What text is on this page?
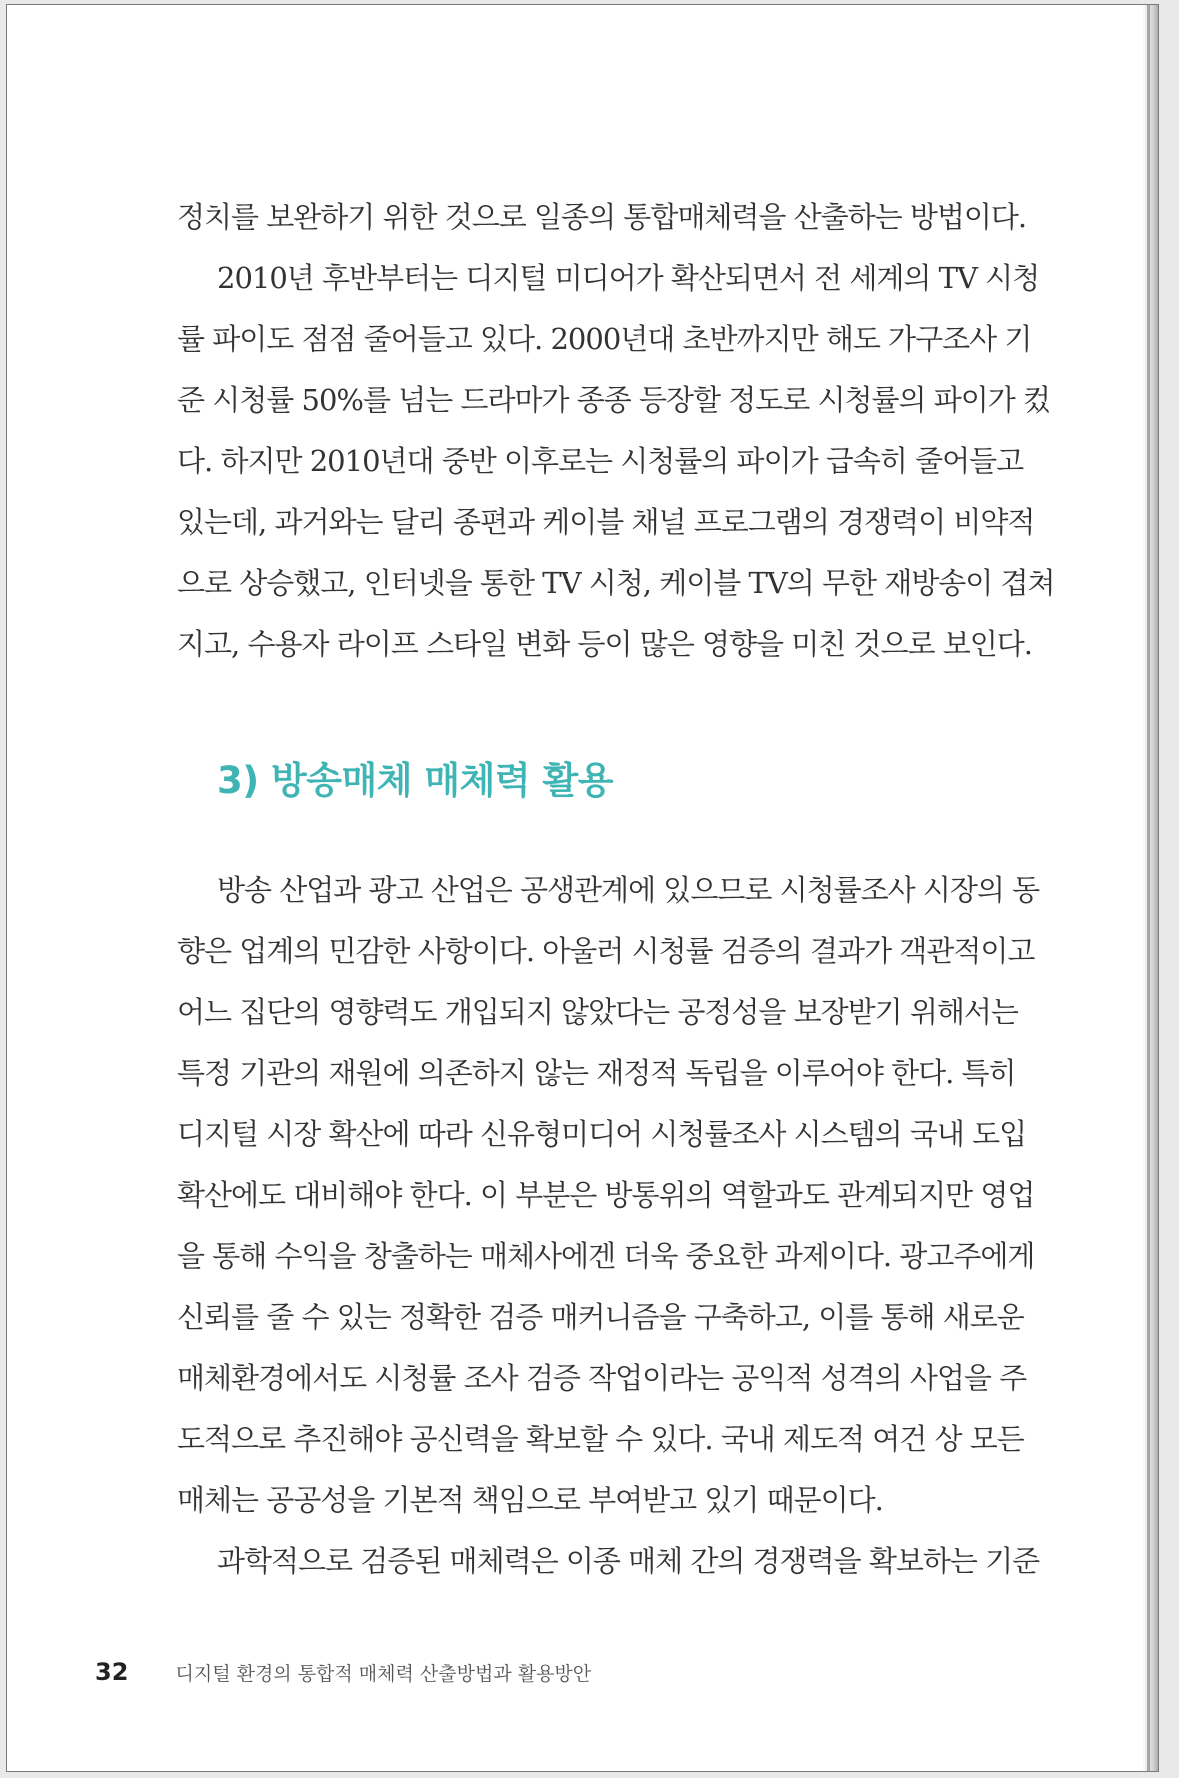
정치를 보완하기 위한 것으로 일종의 통합매체력을 산출하는 방법이다.
2010년 후반부터는 디지털 미디어가 확산되면서 전 세계의 TV 시청
률 파이도 점점 줄어들고 있다. 2000년대 초반까지만 해도 가구조사 기
준 시청률 50%를 넘는 드라마가 종종 등장할 정도로 시청률의 파이가 컸
다. 하지만 2010년대 중반 이후로는 시청률의 파이가 급속히 줄어들고
있는데, 과거와는 달리 종편과 케이블 채널 프로그램의 경쟁력이 비약적
으로 상승했고, 인터넷을 통한 TV 시청, 케이블 TV의 무한 재방송이 겹쳐
지고, 수용자 라이프 스타일 변화 등이 많은 영향을 미친 것으로 보인다.
3) 방송매체 매체력 활용
방송 산업과 광고 산업은 공생관계에 있으므로 시청률조사 시장의 동
향은 업계의 민감한 사항이다. 아울러 시청률 검증의 결과가 객관적이고
어느 집단의 영향력도 개입되지 않았다는 공정성을 보장받기 위해서는
특정 기관의 재원에 의존하지 않는 재정적 독립을 이루어야 한다. 특히
디지털 시장 확산에 따라 신유형미디어 시청률조사 시스템의 국내 도입
확산에도 대비해야 한다. 이 부분은 방통위의 역할과도 관계되지만 영업
을 통해 수익을 창출하는 매체사에겐 더욱 중요한 과제이다. 광고주에게
신뢰를 줄 수 있는 정확한 검증 매커니즘을 구축하고, 이를 통해 새로운
매체환경에서도 시청률 조사 검증 작업이라는 공익적 성격의 사업을 주
도적으로 추진해야 공신력을 확보할 수 있다. 국내 제도적 여건 상 모든
매체는 공공성을 기본적 책임으로 부여받고 있기 때문이다.
과학적으로 검증된 매체력은 이종 매체 간의 경쟁력을 확보하는 기준
32 디지털 환경의 통합적 매체력 산출방법과 활용방안
